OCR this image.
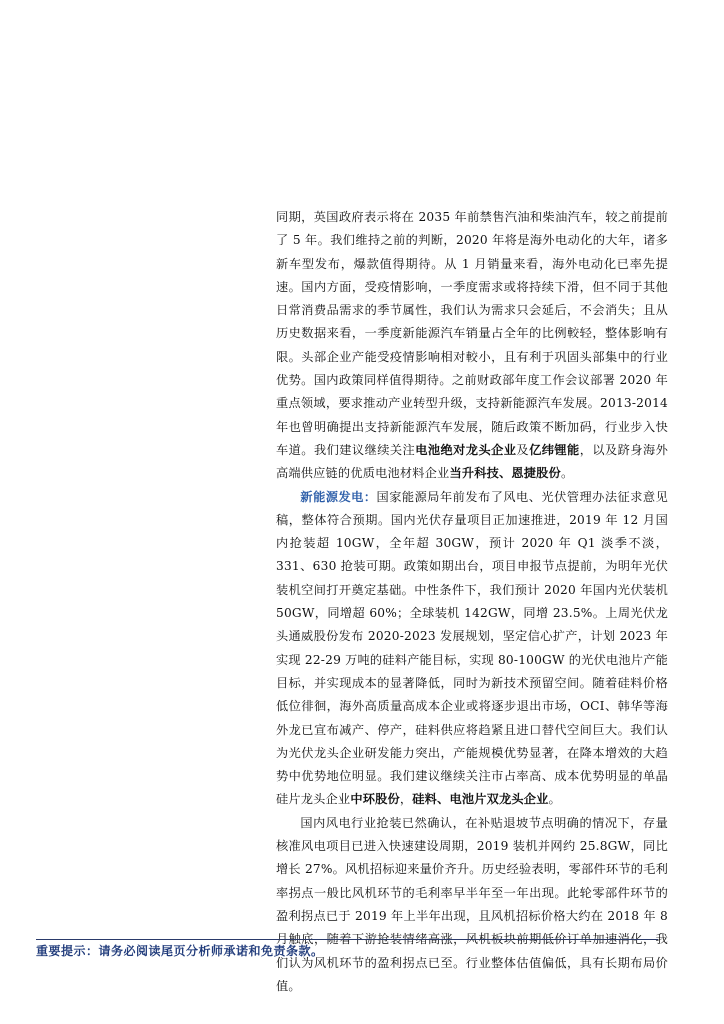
同期，英国政府表示将在 2035 年前禁售汽油和柴油汽车，较之前提前了 5 年。我们维持之前的判断，2020 年将是海外电动化的大年，诸多新车型发布，爆款值得期待。从 1 月销量来看，海外电动化已率先提速。国内方面，受疫情影响，一季度需求或将持续下滑，但不同于其他日常消费品需求的季节属性，我们认为需求只会延后，不会消失；且从历史数据来看，一季度新能源汽车销量占全年的比例較轻，整体影响有限。头部企业产能受疫情影响相对較小，且有利于巩固头部集中的行业优势。国内政策同样值得期待。之前财政部年度工作会议部署 2020 年重点领域，要求推动产业转型升级，支持新能源汽车发展。2013-2014 年也曾明确提出支持新能源汽车发展，随后政策不断加码，行业步入快车道。我们建议继续关注电池绝对龙头企业及亿纬锂能，以及跻身海外高端供应链的优质电池材料企业当升科技、恩捷股份。

新能源发电：国家能源局年前发布了风电、光伏管理办法征求意见稿，整体符合预期。国内光伏存量项目正加速推进，2019 年 12 月国内抢装超 10GW，全年超 30GW，预计 2020 年 Q1 淡季不淡，331、630 抢装可期。政策如期出台，项目申报节点提前，为明年光伏装机空间打开奠定基础。中性条件下，我们预计 2020 年国内光伏装机 50GW，同增超 60%；全球装机 142GW，同增 23.5%。上周光伏龙头通威股份发布 2020-2023 发展规划，坚定信心扩产，计划 2023 年实现 22-29 万吨的硅料产能目标，实现 80-100GW 的光伏电池片产能目标，并实现成本的显著降低，同时为新技术预留空间。随着硅料价格低位徘徊，海外高质量高成本企业或将逐步退出市场，OCI、韩华等海外龙已宣布减产、停产，硅料供应将趋紧且进口替代空间巨大。我们认为光伏龙头企业研发能力突出，产能规模优势显著，在降本增效的大趋势中优势地位明显。我们建议继续关注市占率高、成本优势明显的单晶硅片龙头企业中环股份，硅料、电池片双龙头企业。

国内风电行业抢装已然确认，在补贴退坡节点明确的情况下，存量核准风电项目已进入快速建设周期，2019 装机并网约 25.8GW，同比增长 27%。风机招标迎来量价齐升。历史经验表明，零部件环节的毛利率拐点一般比风机环节的毛利率早半年至一年出现。此轮零部件环节的盈利拐点已于 2019 年上半年出现，且风机招标价格大约在 2018 年 8 月触底，随着下游抢装情绪高涨，风机板块前期低价订单加速消化，我们认为风机环节的盈利拐点已至。行业整体估值偏低，具有长期布局价值。

重要提示：请务必阅读尾页分析师承诺和免责条款。
